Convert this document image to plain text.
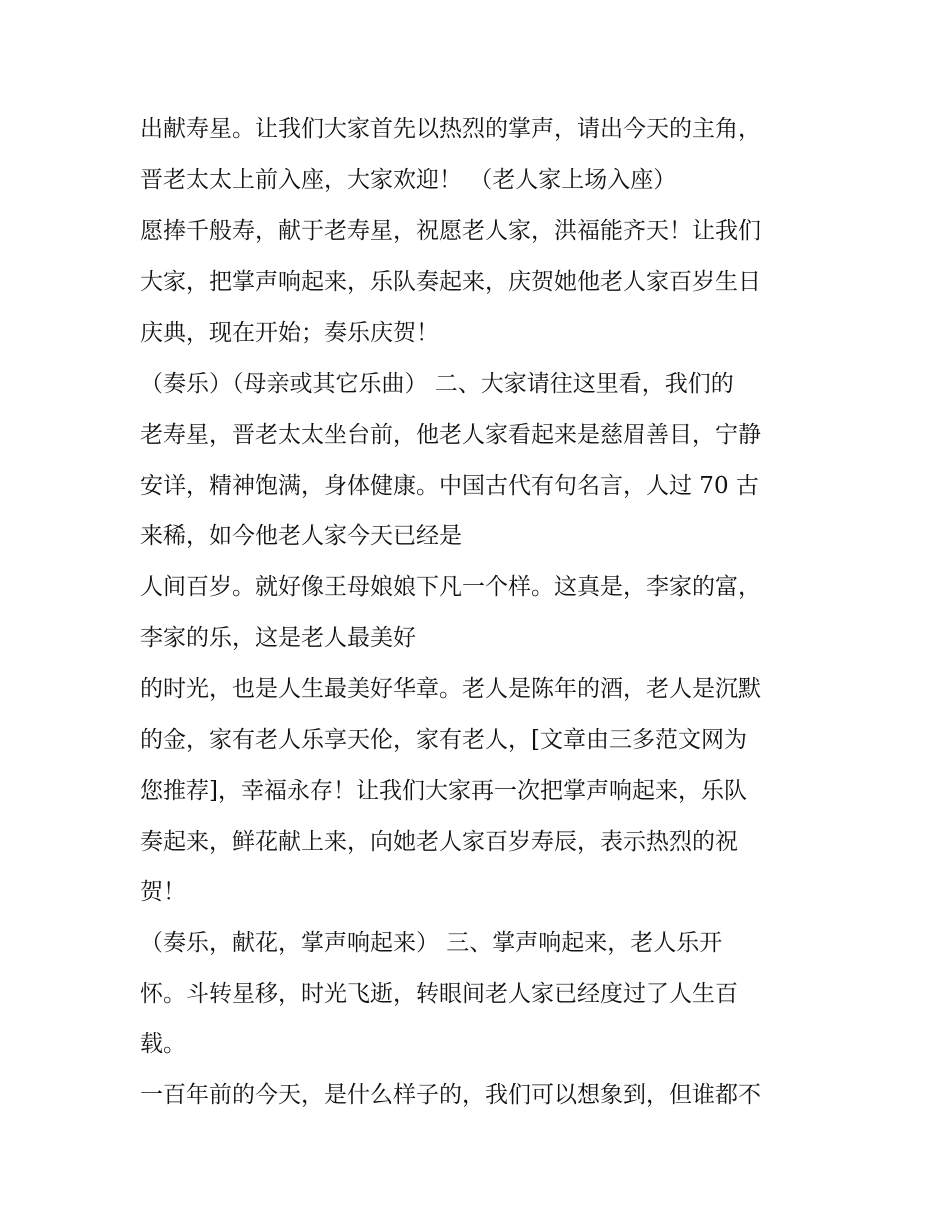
出献寿星。让我们大家首先以热烈的掌声，请出今天的主角，
晋老太太上前入座，大家欢迎！ （老人家上场入座）
愿捧千般寿，献于老寿星，祝愿老人家，洪福能齐天！让我们
大家，把掌声响起来，乐队奏起来，庆贺她他老人家百岁生日
庆典，现在开始；奏乐庆贺！
（奏乐）（母亲或其它乐曲） 二、大家请往这里看，我们的
老寿星，晋老太太坐台前，他老人家看起来是慈眉善目，宁静
安详，精神饱满，身体健康。中国古代有句名言，人过 70 古
来稀，如今他老人家今天已经是
人间百岁。就好像王母娘娘下凡一个样。这真是，李家的富，
李家的乐，这是老人最美好
的时光，也是人生最美好华章。老人是陈年的酒，老人是沉默
的金，家有老人乐享天伦，家有老人，[文章由三多范文网为
您推荐]，幸福永存！让我们大家再一次把掌声响起来，乐队
奏起来，鲜花献上来，向她老人家百岁寿辰，表示热烈的祝
贺！
（奏乐，献花，掌声响起来） 三、掌声响起来，老人乐开
怀。斗转星移，时光飞逝，转眼间老人家已经度过了人生百
载。
一百年前的今天，是什么样子的，我们可以想象到，但谁都不
